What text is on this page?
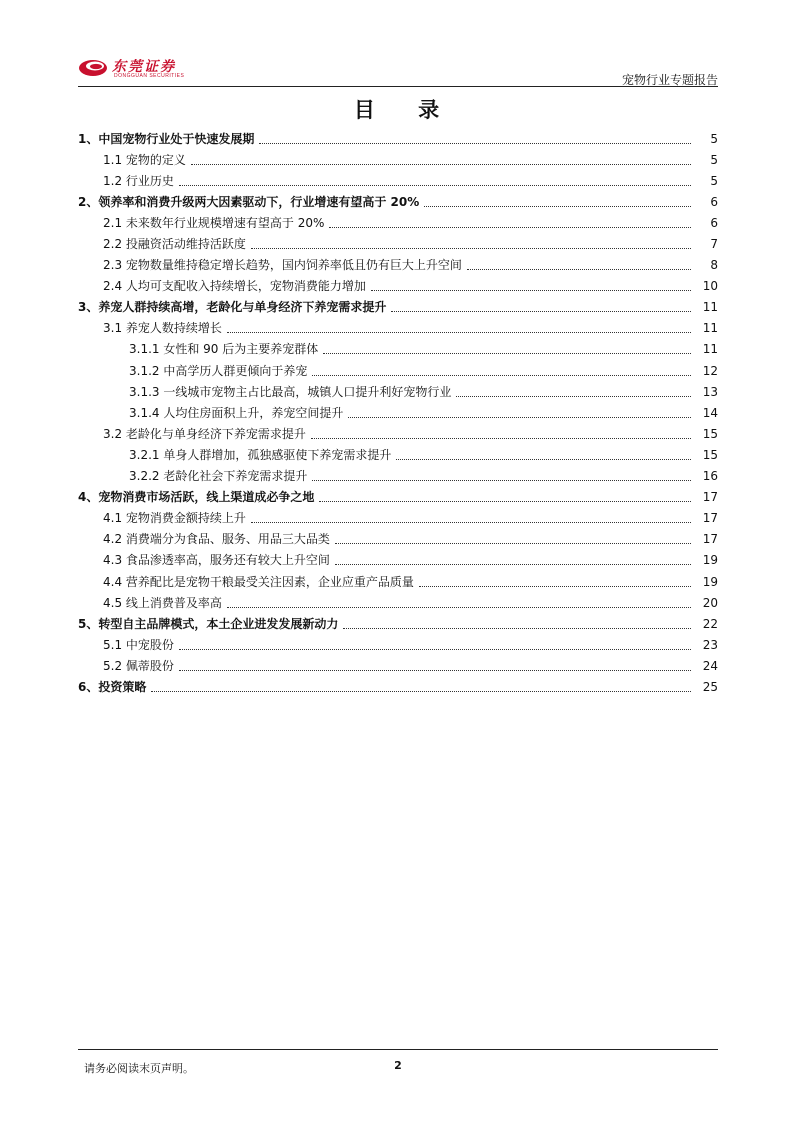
东莞证券
DONGGUAN SECURITIES	宠物行业专题报告
目 录
1、中国宠物行业处于快速发展期	5
1.1 宠物的定义	5
1.2 行业历史	5
2、领养率和消费升级两大因素驱动下，行业增速有望高于 20%	6
2.1 未来数年行业规模增速有望高于 20%	6
2.2 投融资活动维持活跃度	7
2.3 宠物数量维持稳定增长趋势，国内饲养率低且仍有巨大上升空间	8
2.4 人均可支配收入持续增长，宠物消费能力增加	10
3、养宠人群持续高增，老龄化与单身经济下养宠需求提升	11
3.1 养宠人数持续增长	11
3.1.1 女性和 90 后为主要养宠群体	11
3.1.2 中高学历人群更倾向于养宠	12
3.1.3 一线城市宠物主占比最高，城镇人口提升利好宠物行业	13
3.1.4 人均住房面积上升，养宠空间提升	14
3.2 老龄化与单身经济下养宠需求提升	15
3.2.1 单身人群增加，孤独感驱使下养宠需求提升	15
3.2.2 老龄化社会下养宠需求提升	16
4、宠物消费市场活跃，线上渠道成必争之地	17
4.1 宠物消费金额持续上升	17
4.2 消费端分为食品、服务、用品三大品类	17
4.3 食品渗透率高，服务还有较大上升空间	19
4.4 营养配比是宠物干粮最受关注因素，企业应重产品质量	19
4.5 线上消费普及率高	20
5、转型自主品牌模式，本土企业进发发展新动力	22
5.1 中宠股份	23
5.2 佩蒂股份	24
6、投资策略	25
请务必阅读末页声明。	2
